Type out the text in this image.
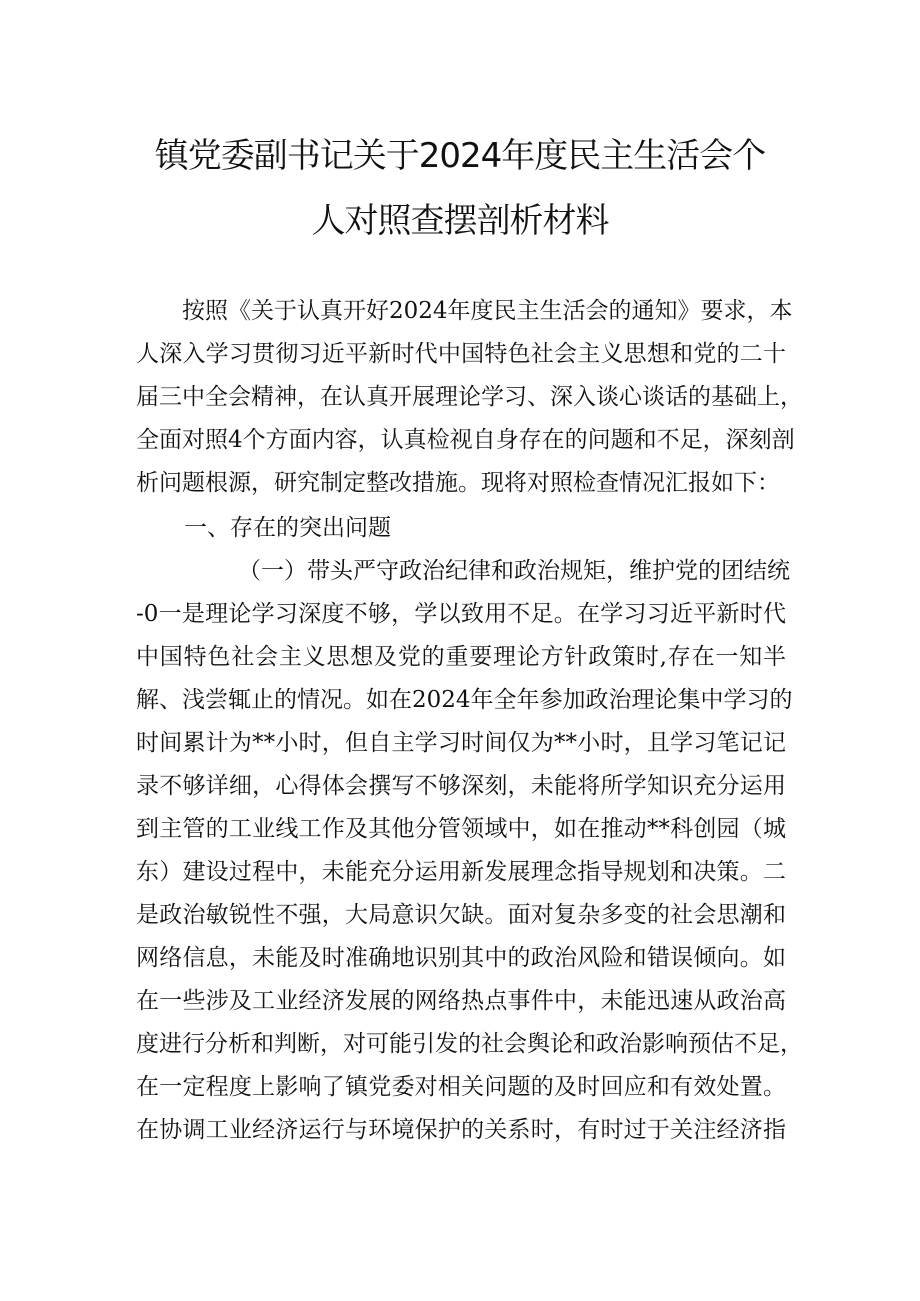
镇党委副书记关于2024年度民主生活会个
人对照查摆剖析材料
按照《关于认真开好2024年度民主生活会的通知》要求，本
人深入学习贯彻习近平新时代中国特色社会主义思想和党的二十
届三中全会精神，在认真开展理论学习、深入谈心谈话的基础上，
全面对照4个方面内容，认真检视自身存在的问题和不足，深刻剖
析问题根源，研究制定整改措施。现将对照检查情况汇报如下：
一、存在的突出问题
（一）带头严守政治纪律和政治规矩，维护党的团结统
-0一是理论学习深度不够，学以致用不足。在学习习近平新时代
中国特色社会主义思想及党的重要理论方针政策时,存在一知半
解、浅尝辄止的情况。如在2024年全年参加政治理论集中学习的
时间累计为**小时，但自主学习时间仅为**小时，且学习笔记记
录不够详细，心得体会撰写不够深刻，未能将所学知识充分运用
到主管的工业线工作及其他分管领域中，如在推动**科创园（城
东）建设过程中，未能充分运用新发展理念指导规划和决策。二
是政治敏锐性不强，大局意识欠缺。面对复杂多变的社会思潮和
网络信息，未能及时准确地识别其中的政治风险和错误倾向。如
在一些涉及工业经济发展的网络热点事件中，未能迅速从政治高
度进行分析和判断，对可能引发的社会舆论和政治影响预估不足，
在一定程度上影响了镇党委对相关问题的及时回应和有效处置。
在协调工业经济运行与环境保护的关系时，有时过于关注经济指
